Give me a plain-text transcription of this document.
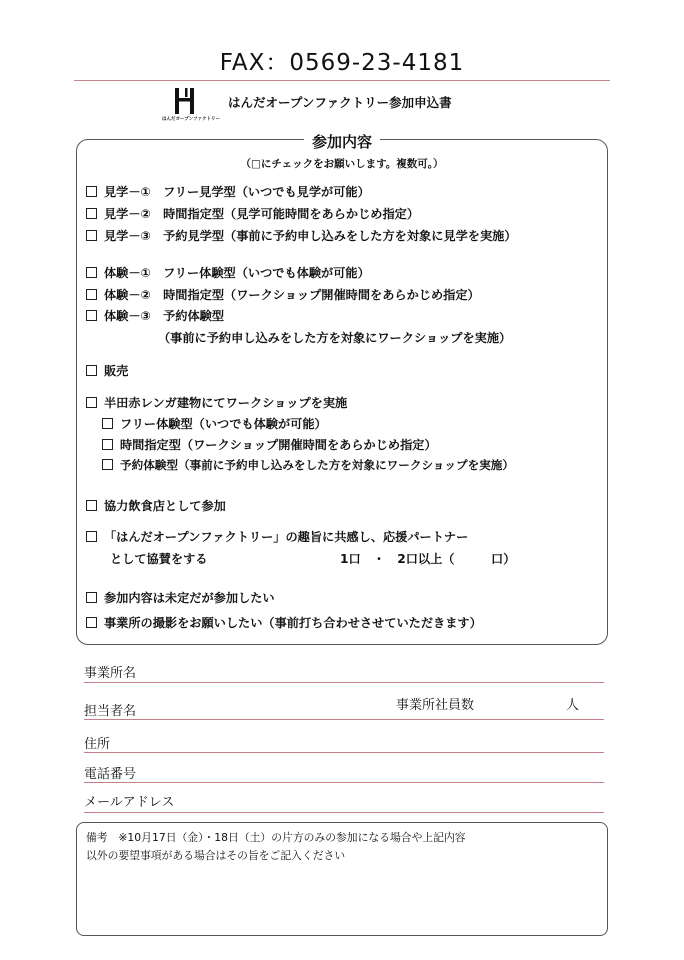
FAX：0569-23-4181
はんだオープンファクトリー
はんだオープンファクトリー参加申込書
参加内容
（□にチェックをお願いします。複数可。）
見学－①　フリー見学型（いつでも見学が可能）
見学－②　時間指定型（見学可能時間をあらかじめ指定）
見学－③　予約見学型（事前に予約申し込みをした方を対象に見学を実施）
体験－①　フリー体験型（いつでも体験が可能）
体験－②　時間指定型（ワークショップ開催時間をあらかじめ指定）
体験－③　予約体験型
（事前に予約申し込みをした方を対象にワークショップを実施）
販売
半田赤レンガ建物にてワークショップを実施
フリー体験型（いつでも体験が可能）
時間指定型（ワークショップ開催時間をあらかじめ指定）
予約体験型（事前に予約申し込みをした方を対象にワークショップを実施）
協力飲食店として参加
「はんだオープンファクトリー」の趣旨に共感し、応援パートナー
として協賛をする	1口　・　2口以上（　　　口）
参加内容は未定だが参加したい
事業所の撮影をお願いしたい（事前打ち合わせさせていただきます）
事業所名
担当者名	事業所社員数	人
住所
電話番号
メールアドレス
備考　※10月17日（金）・18日（土）の片方のみの参加になる場合や上記内容
以外の要望事項がある場合はその旨をご記入ください
